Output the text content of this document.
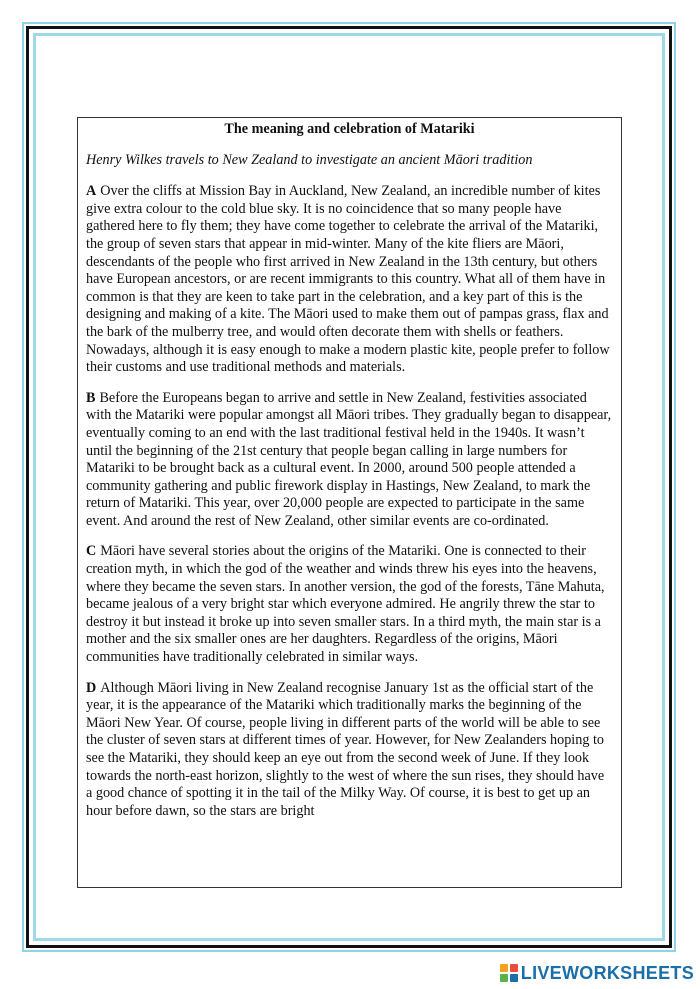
The meaning and celebration of Matariki
Henry Wilkes travels to New Zealand to investigate an ancient Māori tradition

A Over the cliffs at Mission Bay in Auckland, New Zealand, an incredible number of kites give extra colour to the cold blue sky. It is no coincidence that so many people have gathered here to fly them; they have come together to celebrate the arrival of the Matariki, the group of seven stars that appear in mid-winter. Many of the kite fliers are Māori, descendants of the people who first arrived in New Zealand in the 13th century, but others have European ancestors, or are recent immigrants to this country. What all of them have in common is that they are keen to take part in the celebration, and a key part of this is the designing and making of a kite. The Māori used to make them out of pampas grass, flax and the bark of the mulberry tree, and would often decorate them with shells or feathers. Nowadays, although it is easy enough to make a modern plastic kite, people prefer to follow their customs and use traditional methods and materials.

B Before the Europeans began to arrive and settle in New Zealand, festivities associated with the Matariki were popular amongst all Māori tribes. They gradually began to disappear, eventually coming to an end with the last traditional festival held in the 1940s. It wasn’t until the beginning of the 21st century that people began calling in large numbers for Matariki to be brought back as a cultural event. In 2000, around 500 people attended a community gathering and public firework display in Hastings, New Zealand, to mark the return of Matariki. This year, over 20,000 people are expected to participate in the same event. And around the rest of New Zealand, other similar events are co-ordinated.

C Māori have several stories about the origins of the Matariki. One is connected to their creation myth, in which the god of the weather and winds threw his eyes into the heavens, where they became the seven stars. In another version, the god of the forests, Tāne Mahuta, became jealous of a very bright star which everyone admired. He angrily threw the star to destroy it but instead it broke up into seven smaller stars. In a third myth, the main star is a mother and the six smaller ones are her daughters. Regardless of the origins, Māori communities have traditionally celebrated in similar ways.

D Although Māori living in New Zealand recognise January 1st as the official start of the year, it is the appearance of the Matariki which traditionally marks the beginning of the Māori New Year. Of course, people living in different parts of the world will be able to see the cluster of seven stars at different times of year. However, for New Zealanders hoping to see the Matariki, they should keep an eye out from the second week of June. If they look towards the north-east horizon, slightly to the west of where the sun rises, they should have a good chance of spotting it in the tail of the Milky Way. Of course, it is best to get up an hour before dawn, so the stars are bright

LIVEWORKSHEETS
